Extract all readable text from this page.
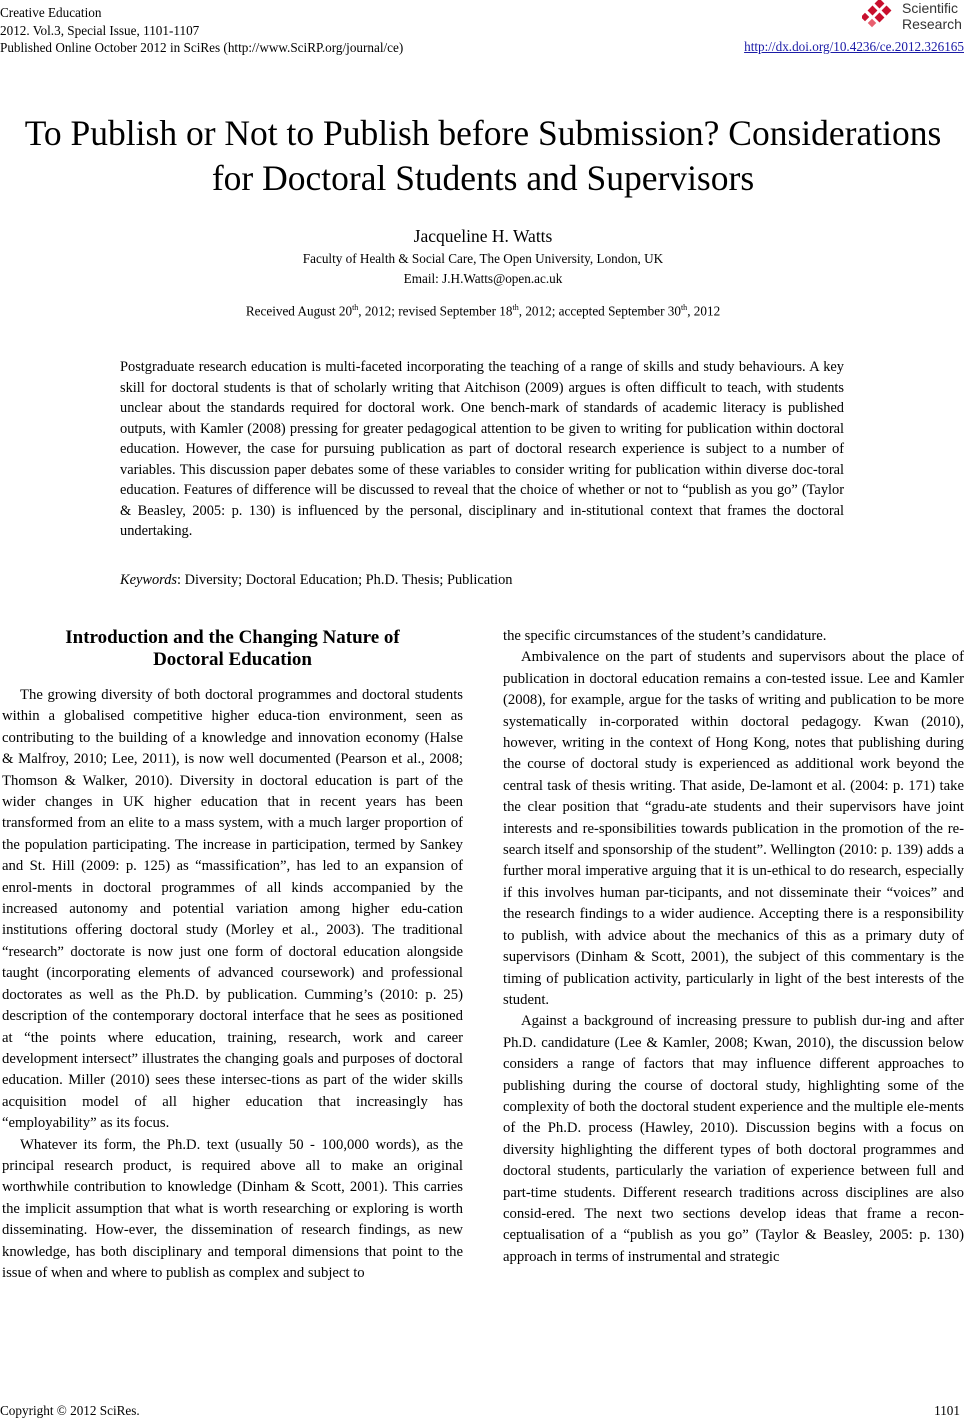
Creative Education
2012. Vol.3, Special Issue, 1101-1107
Published Online October 2012 in SciRes (http://www.SciRP.org/journal/ce)
Scientific
Research
http://dx.doi.org/10.4236/ce.2012.326165
To Publish or Not to Publish before Submission? Considerations
for Doctoral Students and Supervisors
Jacqueline H. Watts
Faculty of Health & Social Care, The Open University, London, UK
Email: J.H.Watts@open.ac.uk
Received August 20th, 2012; revised September 18th, 2012; accepted September 30th, 2012
Postgraduate research education is multi-faceted incorporating the teaching of a range of skills and study behaviours. A key skill for doctoral students is that of scholarly writing that Aitchison (2009) argues is often difficult to teach, with students unclear about the standards required for doctoral work. One bench-mark of standards of academic literacy is published outputs, with Kamler (2008) pressing for greater pedagogical attention to be given to writing for publication within doctoral education. However, the case for pursuing publication as part of doctoral research experience is subject to a number of variables. This discussion paper debates some of these variables to consider writing for publication within diverse doc-toral education. Features of difference will be discussed to reveal that the choice of whether or not to “publish as you go” (Taylor & Beasley, 2005: p. 130) is influenced by the personal, disciplinary and in-stitutional context that frames the doctoral undertaking.
Keywords: Diversity; Doctoral Education; Ph.D. Thesis; Publication
Introduction and the Changing Nature of
Doctoral Education

The growing diversity of both doctoral programmes and doctoral students within a globalised competitive higher educa-tion environment, seen as contributing to the building of a knowledge and innovation economy (Halse & Malfroy, 2010; Lee, 2011), is now well documented (Pearson et al., 2008; Thomson & Walker, 2010). Diversity in doctoral education is part of the wider changes in UK higher education that in recent years has been transformed from an elite to a mass system, with a much larger proportion of the population participating. The increase in participation, termed by Sankey and St. Hill (2009: p. 125) as “massification”, has led to an expansion of enrol-ments in doctoral programmes of all kinds accompanied by the increased autonomy and potential variation among higher edu-cation institutions offering doctoral study (Morley et al., 2003). The traditional “research” doctorate is now just one form of doctoral education alongside taught (incorporating elements of advanced coursework) and professional doctorates as well as the Ph.D. by publication. Cumming’s (2010: p. 25) description of the contemporary doctoral interface that he sees as positioned at “the points where education, training, research, work and career development intersect” illustrates the changing goals and purposes of doctoral education. Miller (2010) sees these intersec-tions as part of the wider skills acquisition model of all higher education that increasingly has “employability” as its focus.

Whatever its form, the Ph.D. text (usually 50 - 100,000 words), as the principal research product, is required above all to make an original worthwhile contribution to knowledge (Dinham & Scott, 2001). This carries the implicit assumption that what is worth researching or exploring is worth disseminating. How-ever, the dissemination of research findings, as new knowledge, has both disciplinary and temporal dimensions that point to the issue of when and where to publish as complex and subject to

the specific circumstances of the student’s candidature.

Ambivalence on the part of students and supervisors about the place of publication in doctoral education remains a con-tested issue. Lee and Kamler (2008), for example, argue for the tasks of writing and publication to be more systematically in-corporated within doctoral pedagogy. Kwan (2010), however, writing in the context of Hong Kong, notes that publishing during the course of doctoral study is experienced as additional work beyond the central task of thesis writing. That aside, De-lamont et al. (2004: p. 171) take the clear position that “gradu-ate students and their supervisors have joint interests and re-sponsibilities towards publication in the promotion of the re-search itself and sponsorship of the student”. Wellington (2010: p. 139) adds a further moral imperative arguing that it is un-ethical to do research, especially if this involves human par-ticipants, and not disseminate their “voices” and the research findings to a wider audience. Accepting there is a responsibility to publish, with advice about the mechanics of this as a primary duty of supervisors (Dinham & Scott, 2001), the subject of this commentary is the timing of publication activity, particularly in light of the best interests of the student.

Against a background of increasing pressure to publish dur-ing and after Ph.D. candidature (Lee & Kamler, 2008; Kwan, 2010), the discussion below considers a range of factors that may influence different approaches to publishing during the course of doctoral study, highlighting some of the complexity of both the doctoral student experience and the multiple ele-ments of the Ph.D. process (Hawley, 2010). Discussion begins with a focus on diversity highlighting the different types of both doctoral programmes and doctoral students, particularly the variation of experience between full and part-time students. Different research traditions across disciplines are also consid-ered. The next two sections develop ideas that frame a recon-ceptualisation of a “publish as you go” (Taylor & Beasley, 2005: p. 130) approach in terms of instrumental and strategic

Copyright © 2012 SciRes.	1101
